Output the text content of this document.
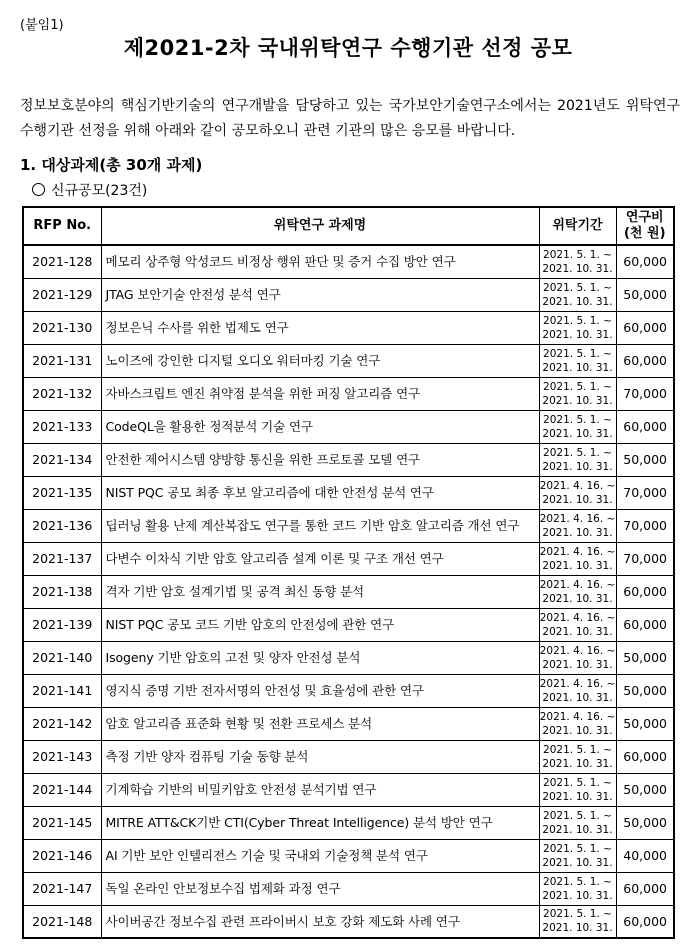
(붙임1)
제2021-2차 국내위탁연구 수행기관 선정 공모
정보보호분야의 핵심기반기술의 연구개발을 담당하고 있는 국가보안기술연구소에서는 2021년도 위탁연구 수행기관 선정을 위해 아래와 같이 공모하오니 관련 기관의 많은 응모를 바랍니다.
1. 대상과제(총 30개 과제)
신규공모(23건)
RFP No.	위탁연구 과제명	위탁기간	연구비
(천 원)

2021-128	메모리 상주형 악성코드 비정상 행위 판단 및 증거 수집 방안 연구	2021. 5. 1. ~
2021. 10. 31.	60,000
2021-129	JTAG 보안기술 안전성 분석 연구	2021. 5. 1. ~
2021. 10. 31.	50,000
2021-130	정보은닉 수사를 위한 법제도 연구	2021. 5. 1. ~
2021. 10. 31.	60,000
2021-131	노이즈에 강인한 디지털 오디오 워터마킹 기술 연구	2021. 5. 1. ~
2021. 10. 31.	60,000
2021-132	자바스크립트 엔진 취약점 분석을 위한 퍼징 알고리즘 연구	2021. 5. 1. ~
2021. 10. 31.	70,000
2021-133	CodeQL을 활용한 정적분석 기술 연구	2021. 5. 1. ~
2021. 10. 31.	60,000
2021-134	안전한 제어시스템 양방향 통신을 위한 프로토콜 모델 연구	2021. 5. 1. ~
2021. 10. 31.	50,000
2021-135	NIST PQC 공모 최종 후보 알고리즘에 대한 안전성 분석 연구	2021. 4. 16. ~
2021. 10. 31.	70,000
2021-136	딥러닝 활용 난제 계산복잡도 연구를 통한 코드 기반 암호 알고리즘 개선 연구	2021. 4. 16. ~
2021. 10. 31.	70,000
2021-137	다변수 이차식 기반 암호 알고리즘 설계 이론 및 구조 개선 연구	2021. 4. 16. ~
2021. 10. 31.	70,000
2021-138	격자 기반 암호 설계기법 및 공격 최신 동향 분석	2021. 4. 16. ~
2021. 10. 31.	60,000
2021-139	NIST PQC 공모 코드 기반 암호의 안전성에 관한 연구	2021. 4. 16. ~
2021. 10. 31.	60,000
2021-140	Isogeny 기반 암호의 고전 및 양자 안전성 분석	2021. 4. 16. ~
2021. 10. 31.	50,000
2021-141	영지식 증명 기반 전자서명의 안전성 및 효율성에 관한 연구	2021. 4. 16. ~
2021. 10. 31.	50,000
2021-142	암호 알고리즘 표준화 현황 및 전환 프로세스 분석	2021. 4. 16. ~
2021. 10. 31.	50,000
2021-143	측정 기반 양자 컴퓨팅 기술 동향 분석	2021. 5. 1. ~
2021. 10. 31.	60,000
2021-144	기계학습 기반의 비밀키암호 안전성 분석기법 연구	2021. 5. 1. ~
2021. 10. 31.	50,000
2021-145	MITRE ATT&CK기반 CTI(Cyber Threat Intelligence) 분석 방안 연구	2021. 5. 1. ~
2021. 10. 31.	50,000
2021-146	AI 기반 보안 인텔리전스 기술 및 국내외 기술정책 분석 연구	2021. 5. 1. ~
2021. 10. 31.	40,000
2021-147	독일 온라인 안보정보수집 법제화 과정 연구	2021. 5. 1. ~
2021. 10. 31.	60,000
2021-148	사이버공간 정보수집 관련 프라이버시 보호 강화 제도화 사례 연구	2021. 5. 1. ~
2021. 10. 31.	60,000
